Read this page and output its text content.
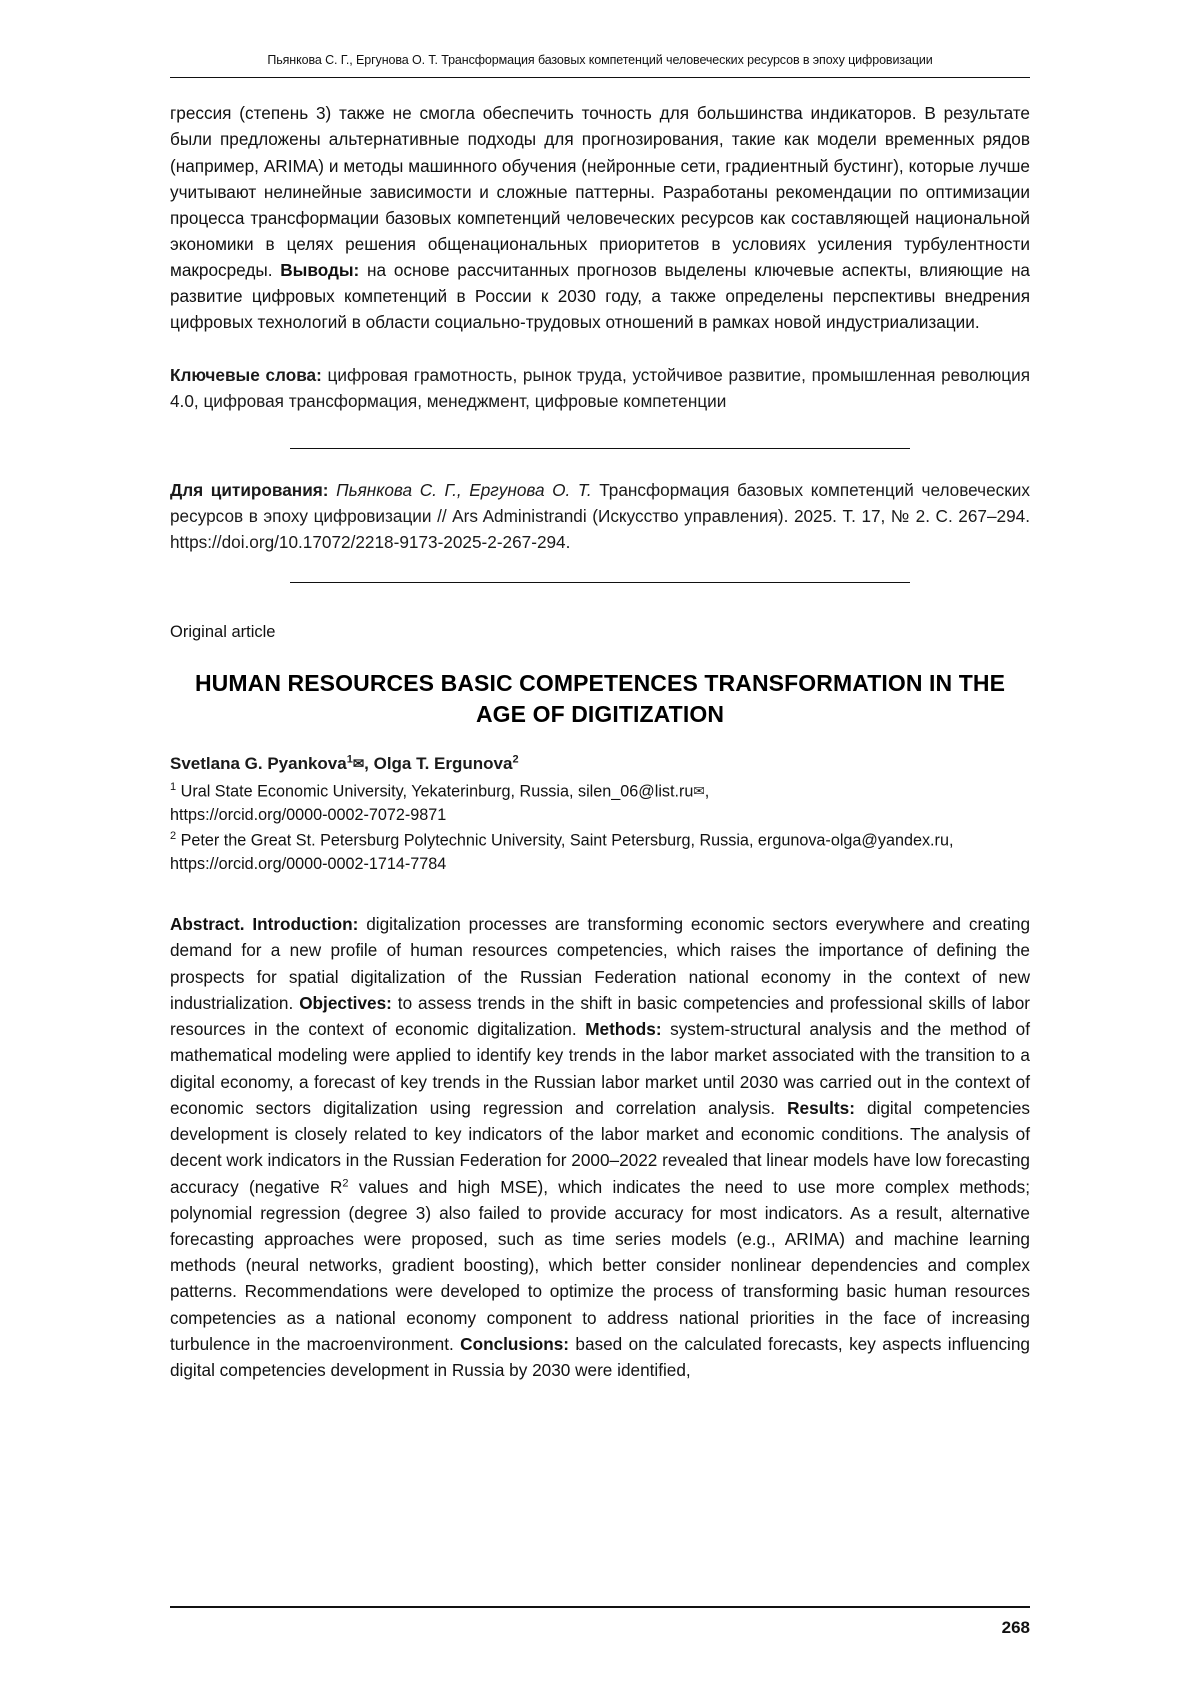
Пьянкова С. Г., Ергунова О. Т. Трансформация базовых компетенций человеческих ресурсов в эпоху цифровизации
грессия (степень 3) также не смогла обеспечить точность для большинства индикаторов. В результате были предложены альтернативные подходы для прогнозирования, такие как модели временных рядов (например, ARIMA) и методы машинного обучения (нейронные сети, градиентный бустинг), которые лучше учитывают нелинейные зависимости и сложные паттерны. Разработаны рекомендации по оптимизации процесса трансформации базовых компетенций человеческих ресурсов как составляющей национальной экономики в целях решения общенациональных приоритетов в условиях усиления турбулентности макросреды. Выводы: на основе рассчитанных прогнозов выделены ключевые аспекты, влияющие на развитие цифровых компетенций в России к 2030 году, а также определены перспективы внедрения цифровых технологий в области социально-трудовых отношений в рамках новой индустриализации.
Ключевые слова: цифровая грамотность, рынок труда, устойчивое развитие, промышленная революция 4.0, цифровая трансформация, менеджмент, цифровые компетенции
Для цитирования: Пьянкова С. Г., Ергунова О. Т. Трансформация базовых компетенций человеческих ресурсов в эпоху цифровизации // Ars Administrandi (Искусство управления). 2025. Т. 17, № 2. С. 267–294. https://doi.org/10.17072/2218-9173-2025-2-267-294.
Original article
HUMAN RESOURCES BASIC COMPETENCES TRANSFORMATION IN THE AGE OF DIGITIZATION
Svetlana G. Pyankova$^1$✉, Olga T. Ergunova$^2$
$^1$ Ural State Economic University, Yekaterinburg, Russia, silen_06@list.ru✉,
https://orcid.org/0000-0002-7072-9871
$^2$ Peter the Great St. Petersburg Polytechnic University, Saint Petersburg, Russia, ergunova-olga@yandex.ru,
https://orcid.org/0000-0002-1714-7784
Abstract. Introduction: digitalization processes are transforming economic sectors everywhere and creating demand for a new profile of human resources competencies, which raises the importance of defining the prospects for spatial digitalization of the Russian Federation national economy in the context of new industrialization. Objectives: to assess trends in the shift in basic competencies and professional skills of labor resources in the context of economic digitalization. Methods: system-structural analysis and the method of mathematical modeling were applied to identify key trends in the labor market associated with the transition to a digital economy, a forecast of key trends in the Russian labor market until 2030 was carried out in the context of economic sectors digitalization using regression and correlation analysis. Results: digital competencies development is closely related to key indicators of the labor market and economic conditions. The analysis of decent work indicators in the Russian Federation for 2000–2022 revealed that linear models have low forecasting accuracy (negative $R^2$ values and high MSE), which indicates the need to use more complex methods; polynomial regression (degree 3) also failed to provide accuracy for most indicators. As a result, alternative forecasting approaches were proposed, such as time series models (e.g., ARIMA) and machine learning methods (neural networks, gradient boosting), which better consider nonlinear dependencies and complex patterns. Recommendations were developed to optimize the process of transforming basic human resources competencies as a national economy component to address national priorities in the face of increasing turbulence in the macroenvironment. Conclusions: based on the calculated forecasts, key aspects influencing digital competencies development in Russia by 2030 were identified,
268
